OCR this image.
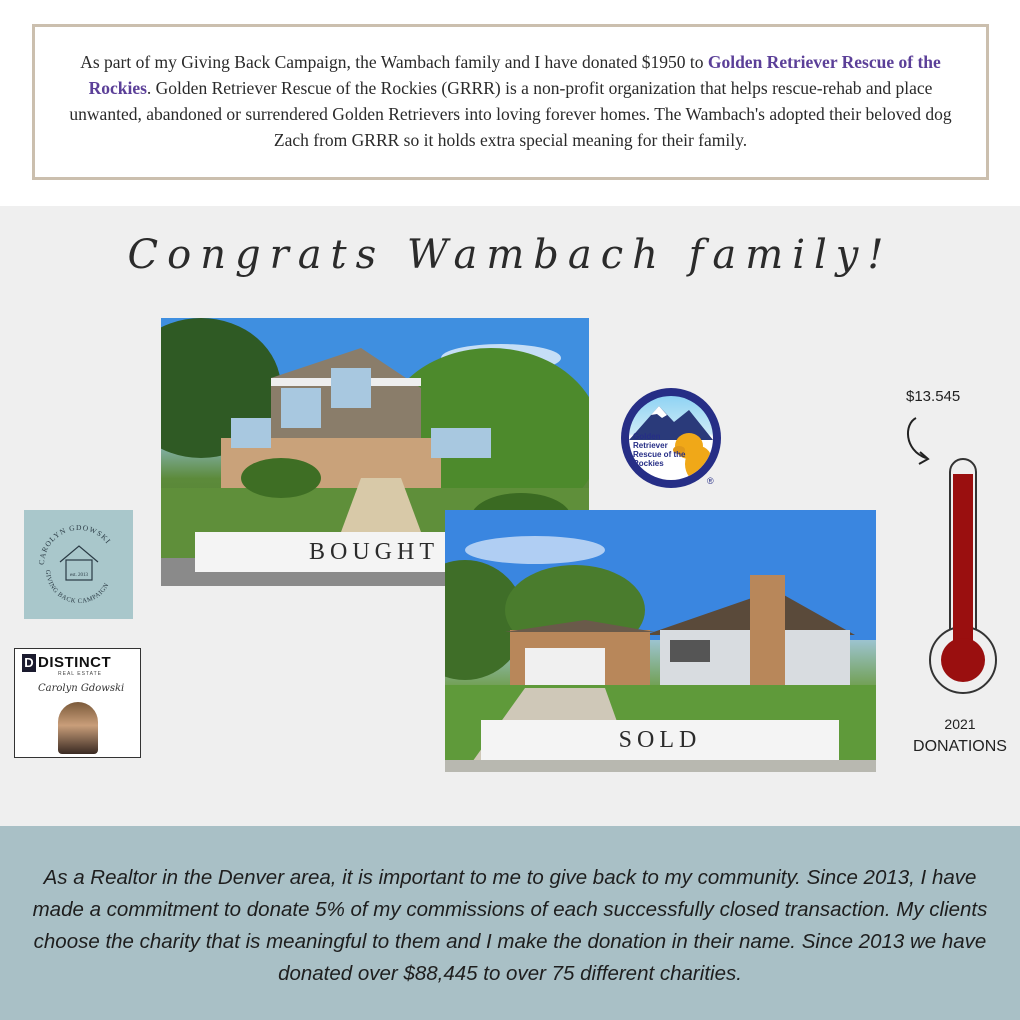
As part of my Giving Back Campaign, the Wambach family and I have donated $1950 to Golden Retriever Rescue of the Rockies. Golden Retriever Rescue of the Rockies (GRRR) is a non-profit organization that helps rescue-rehab and place unwanted, abandoned or surrendered Golden Retrievers into loving forever homes. The Wambach's adopted their beloved dog Zach from GRRR so it holds extra special meaning for their family.
Congrats Wambach family!
BOUGHT
SOLD
Golden
Retriever
Rescue of the
Rockies
®
$13.545
2021
DONATIONS
CAROLYN GDOWSKI
GIVING BACK CAMPAIGN
est. 2013
D DISTINCT
REAL ESTATE
Carolyn Gdowski
As a Realtor in the Denver area, it is important to me to give back to my community. Since 2013, I have made a commitment to donate 5% of my commissions of each successfully closed transaction. My clients choose the charity that is meaningful to them and I make the donation in their name. Since 2013 we have donated over $88,445 to over 75 different charities.
